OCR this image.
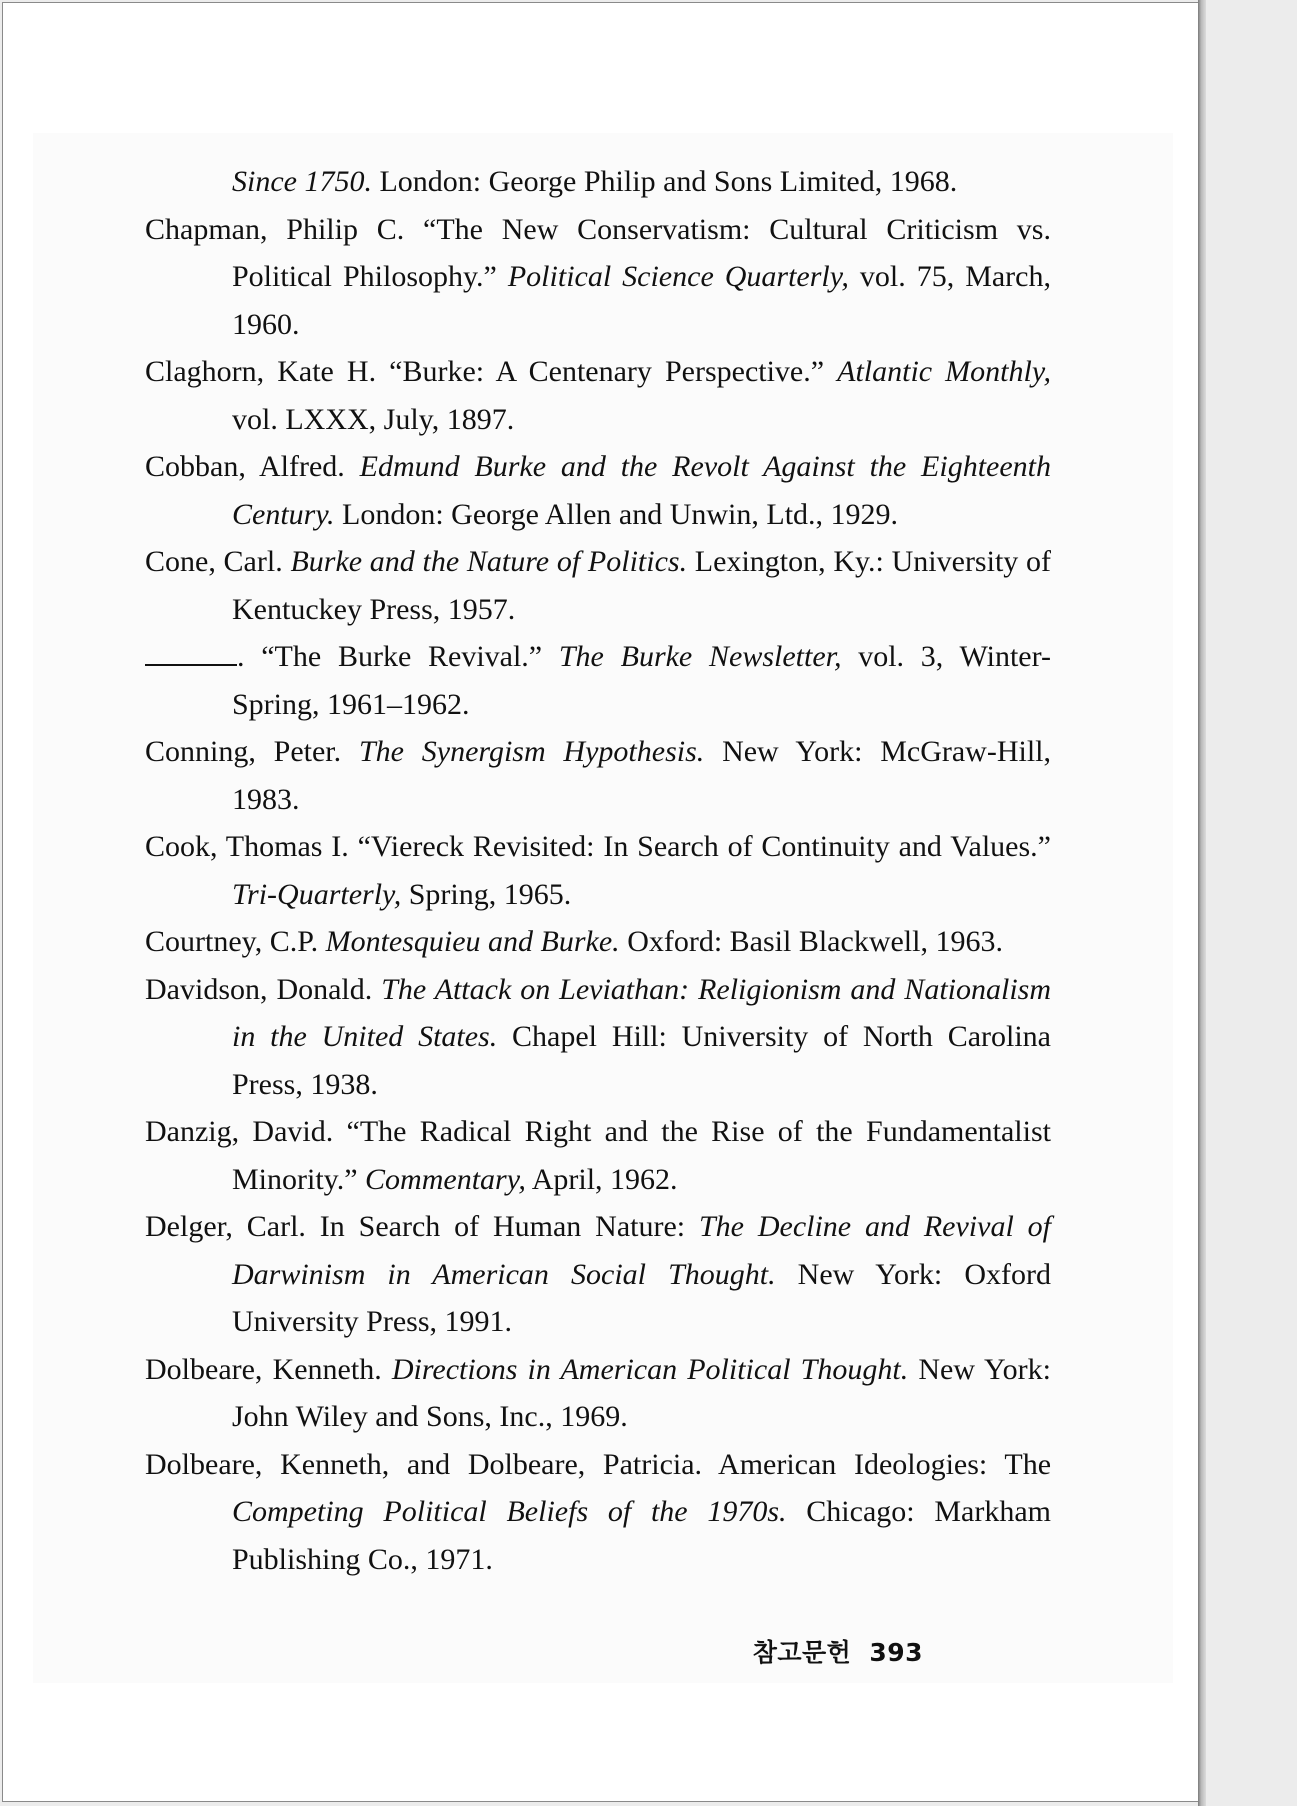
Since 1750. London: George Philip and Sons Limited, 1968.
Chapman, Philip C. “The New Conservatism: Cultural Criticism vs. Political Philosophy.” Political Science Quarterly, vol. 75, March, 1960.
Claghorn, Kate H. “Burke: A Centenary Perspective.” Atlantic Monthly, vol. LXXX, July, 1897.
Cobban, Alfred. Edmund Burke and the Revolt Against the Eighteenth Century. London: George Allen and Unwin, Ltd., 1929.
Cone, Carl. Burke and the Nature of Politics. Lexington, Ky.: University of Kentuckey Press, 1957.
. “The Burke Revival.” The Burke Newsletter, vol. 3, Winter-Spring, 1961–1962.
Conning, Peter. The Synergism Hypothesis. New York: McGraw-Hill, 1983.
Cook, Thomas I. “Viereck Revisited: In Search of Continuity and Values.” Tri-Quarterly, Spring, 1965.
Courtney, C.P. Montesquieu and Burke. Oxford: Basil Blackwell, 1963.
Davidson, Donald. The Attack on Leviathan: Religionism and Nationalism in the United States. Chapel Hill: University of North Carolina Press, 1938.
Danzig, David. “The Radical Right and the Rise of the Fundamentalist Minority.” Commentary, April, 1962.
Delger, Carl. In Search of Human Nature: The Decline and Revival of Darwinism in American Social Thought. New York: Oxford University Press, 1991.
Dolbeare, Kenneth. Directions in American Political Thought. New York: John Wiley and Sons, Inc., 1969.
Dolbeare, Kenneth, and Dolbeare, Patricia. American Ideologies: The Competing Political Beliefs of the 1970s. Chicago: Markham Publishing Co., 1971.
참고문헌 393
